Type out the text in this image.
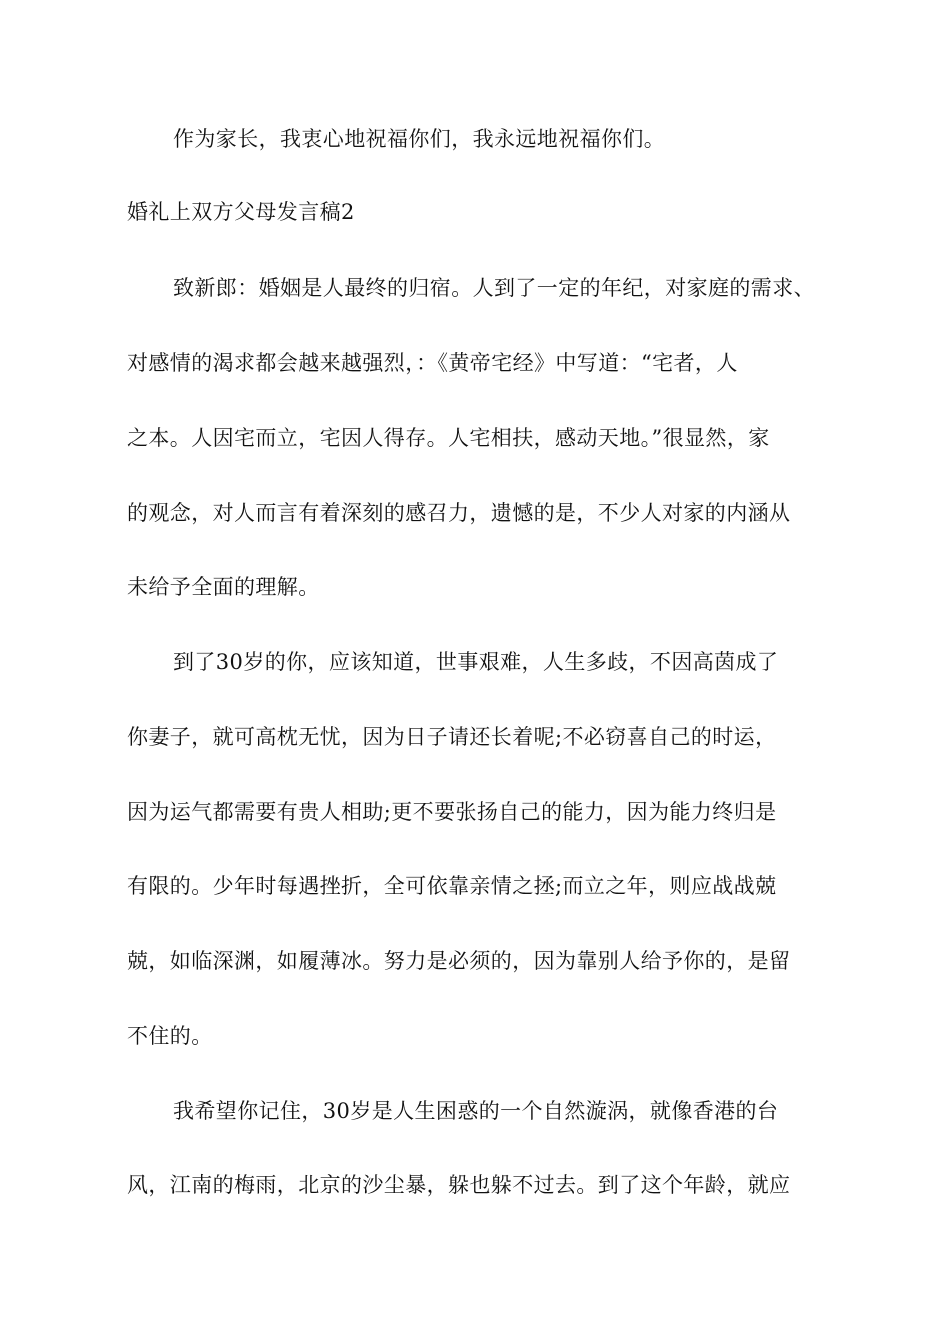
作为家长，我衷心地祝福你们，我永远地祝福你们。
婚礼上双方父母发言稿2
致新郎：婚姻是人最终的归宿。人到了一定的年纪，对家庭的需求、
对感情的渴求都会越来越强烈，：《黄帝宅经》中写道：“宅者，人
之本。人因宅而立，宅因人得存。人宅相扶，感动天地。”很显然，家
的观念，对人而言有着深刻的感召力，遗憾的是，不少人对家的内涵从
未给予全面的理解。
到了30岁的你，应该知道，世事艰难，人生多歧，不因高茵成了
你妻子，就可高枕无忧，因为日子请还长着呢;不必窃喜自己的时运，
因为运气都需要有贵人相助;更不要张扬自己的能力，因为能力终归是
有限的。少年时每遇挫折，全可依靠亲情之拯;而立之年，则应战战兢
兢，如临深渊，如履薄冰。努力是必须的，因为靠别人给予你的，是留
不住的。
我希望你记住，30岁是人生困惑的一个自然漩涡，就像香港的台
风，江南的梅雨，北京的沙尘暴，躲也躲不过去。到了这个年龄，就应
